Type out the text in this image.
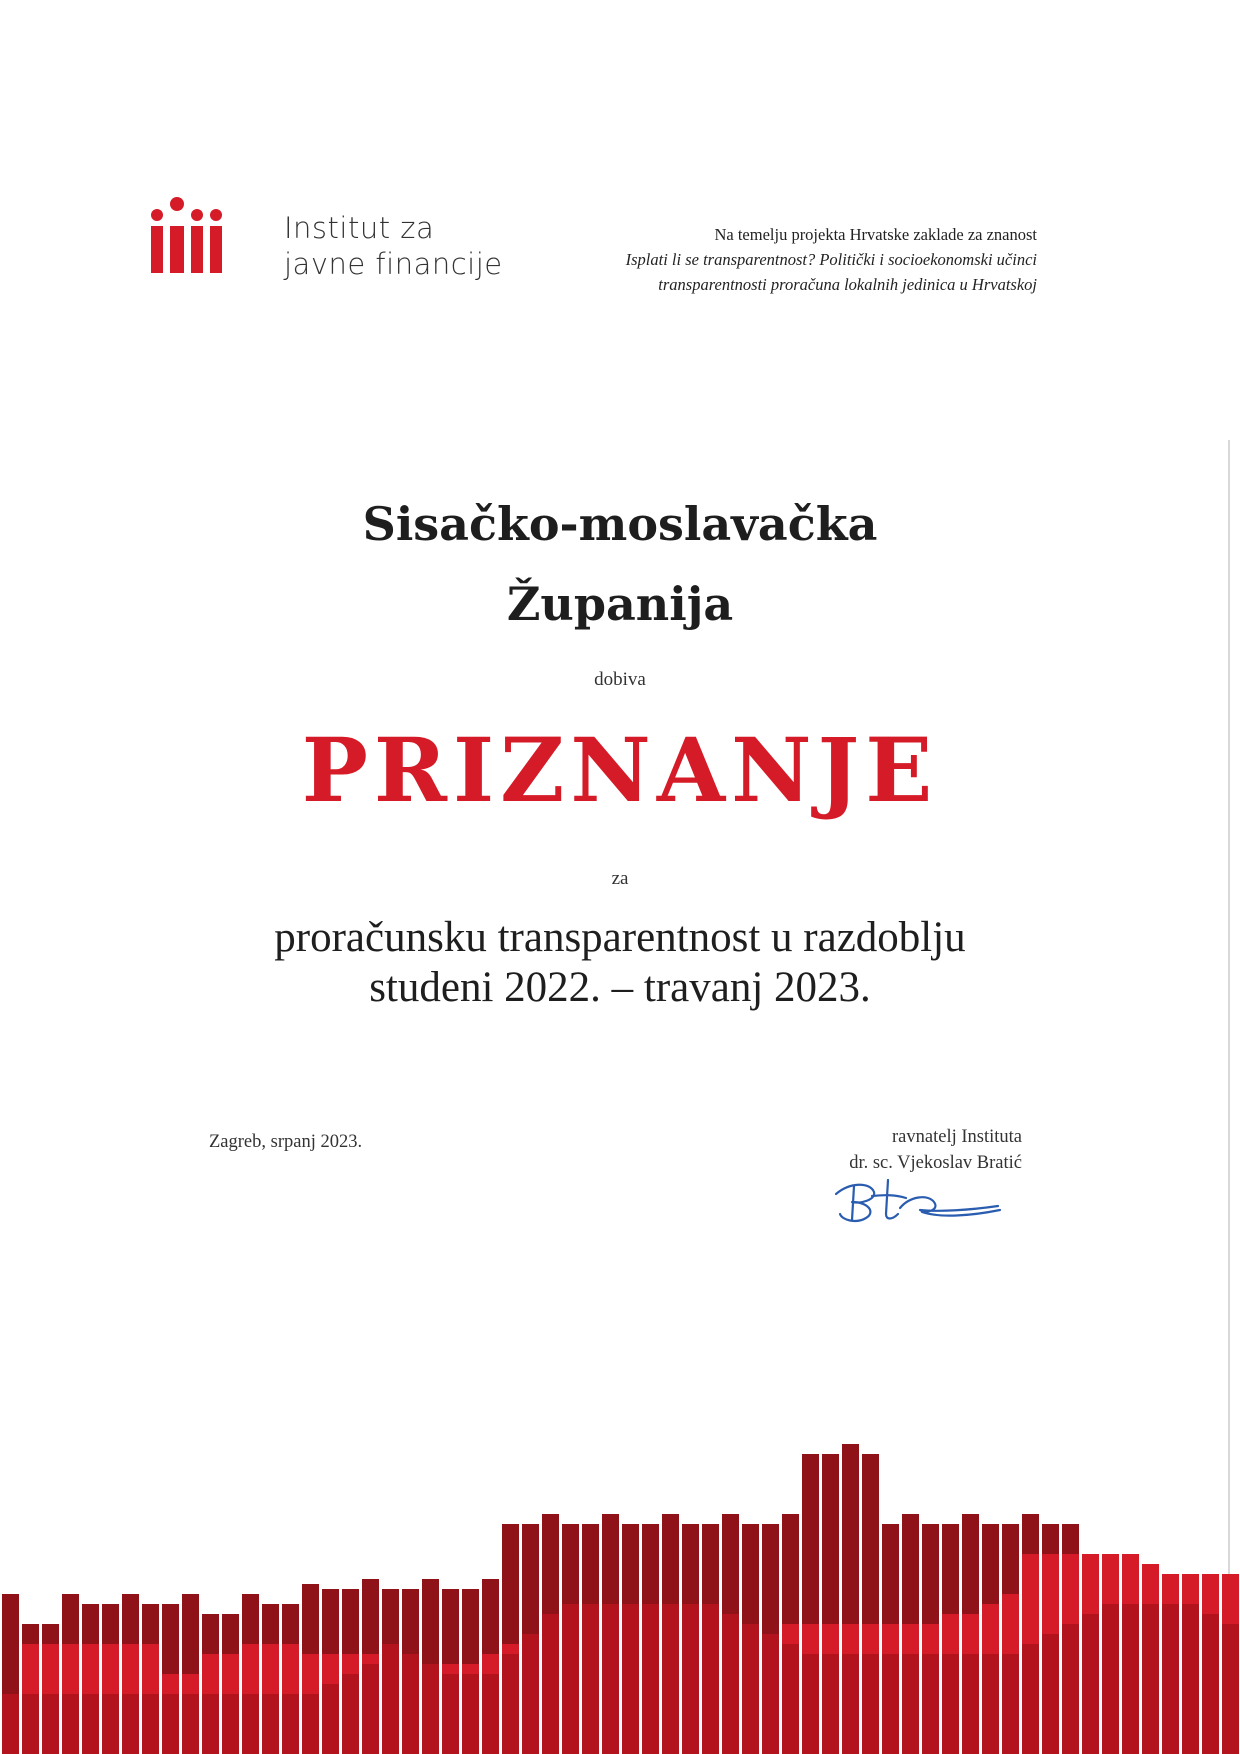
Institut za
javne financije
Na temelju projekta Hrvatske zaklade za znanost
Isplati li se transparentnost? Politički i socioekonomski učinci
transparentnosti proračuna lokalnih jedinica u Hrvatskoj
Sisačko-moslavačka
Županija
dobiva
PRIZNANJE
za
proračunsku transparentnost u razdoblju
studeni 2022. – travanj 2023.
Zagreb, srpanj 2023.	ravnatelj Instituta
dr. sc. Vjekoslav Bratić
